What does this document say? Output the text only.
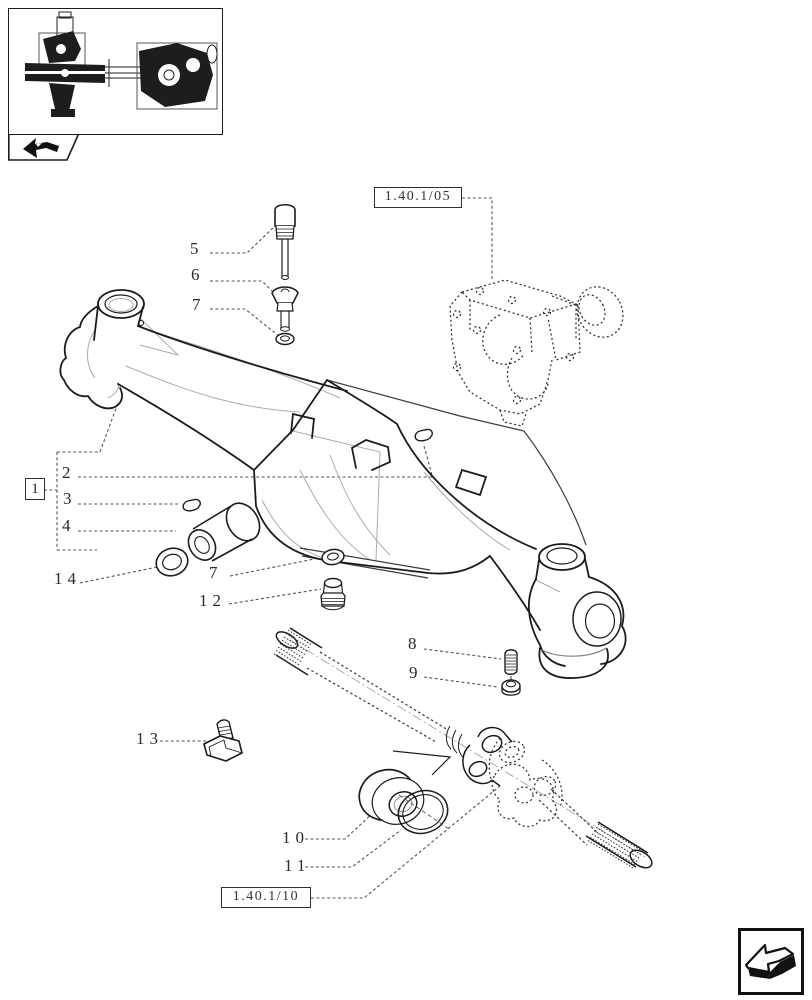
1.40.1/05
1.40.1/10
1
5
6
7
2
3
4
14	7
12
8
9
13
10
11
